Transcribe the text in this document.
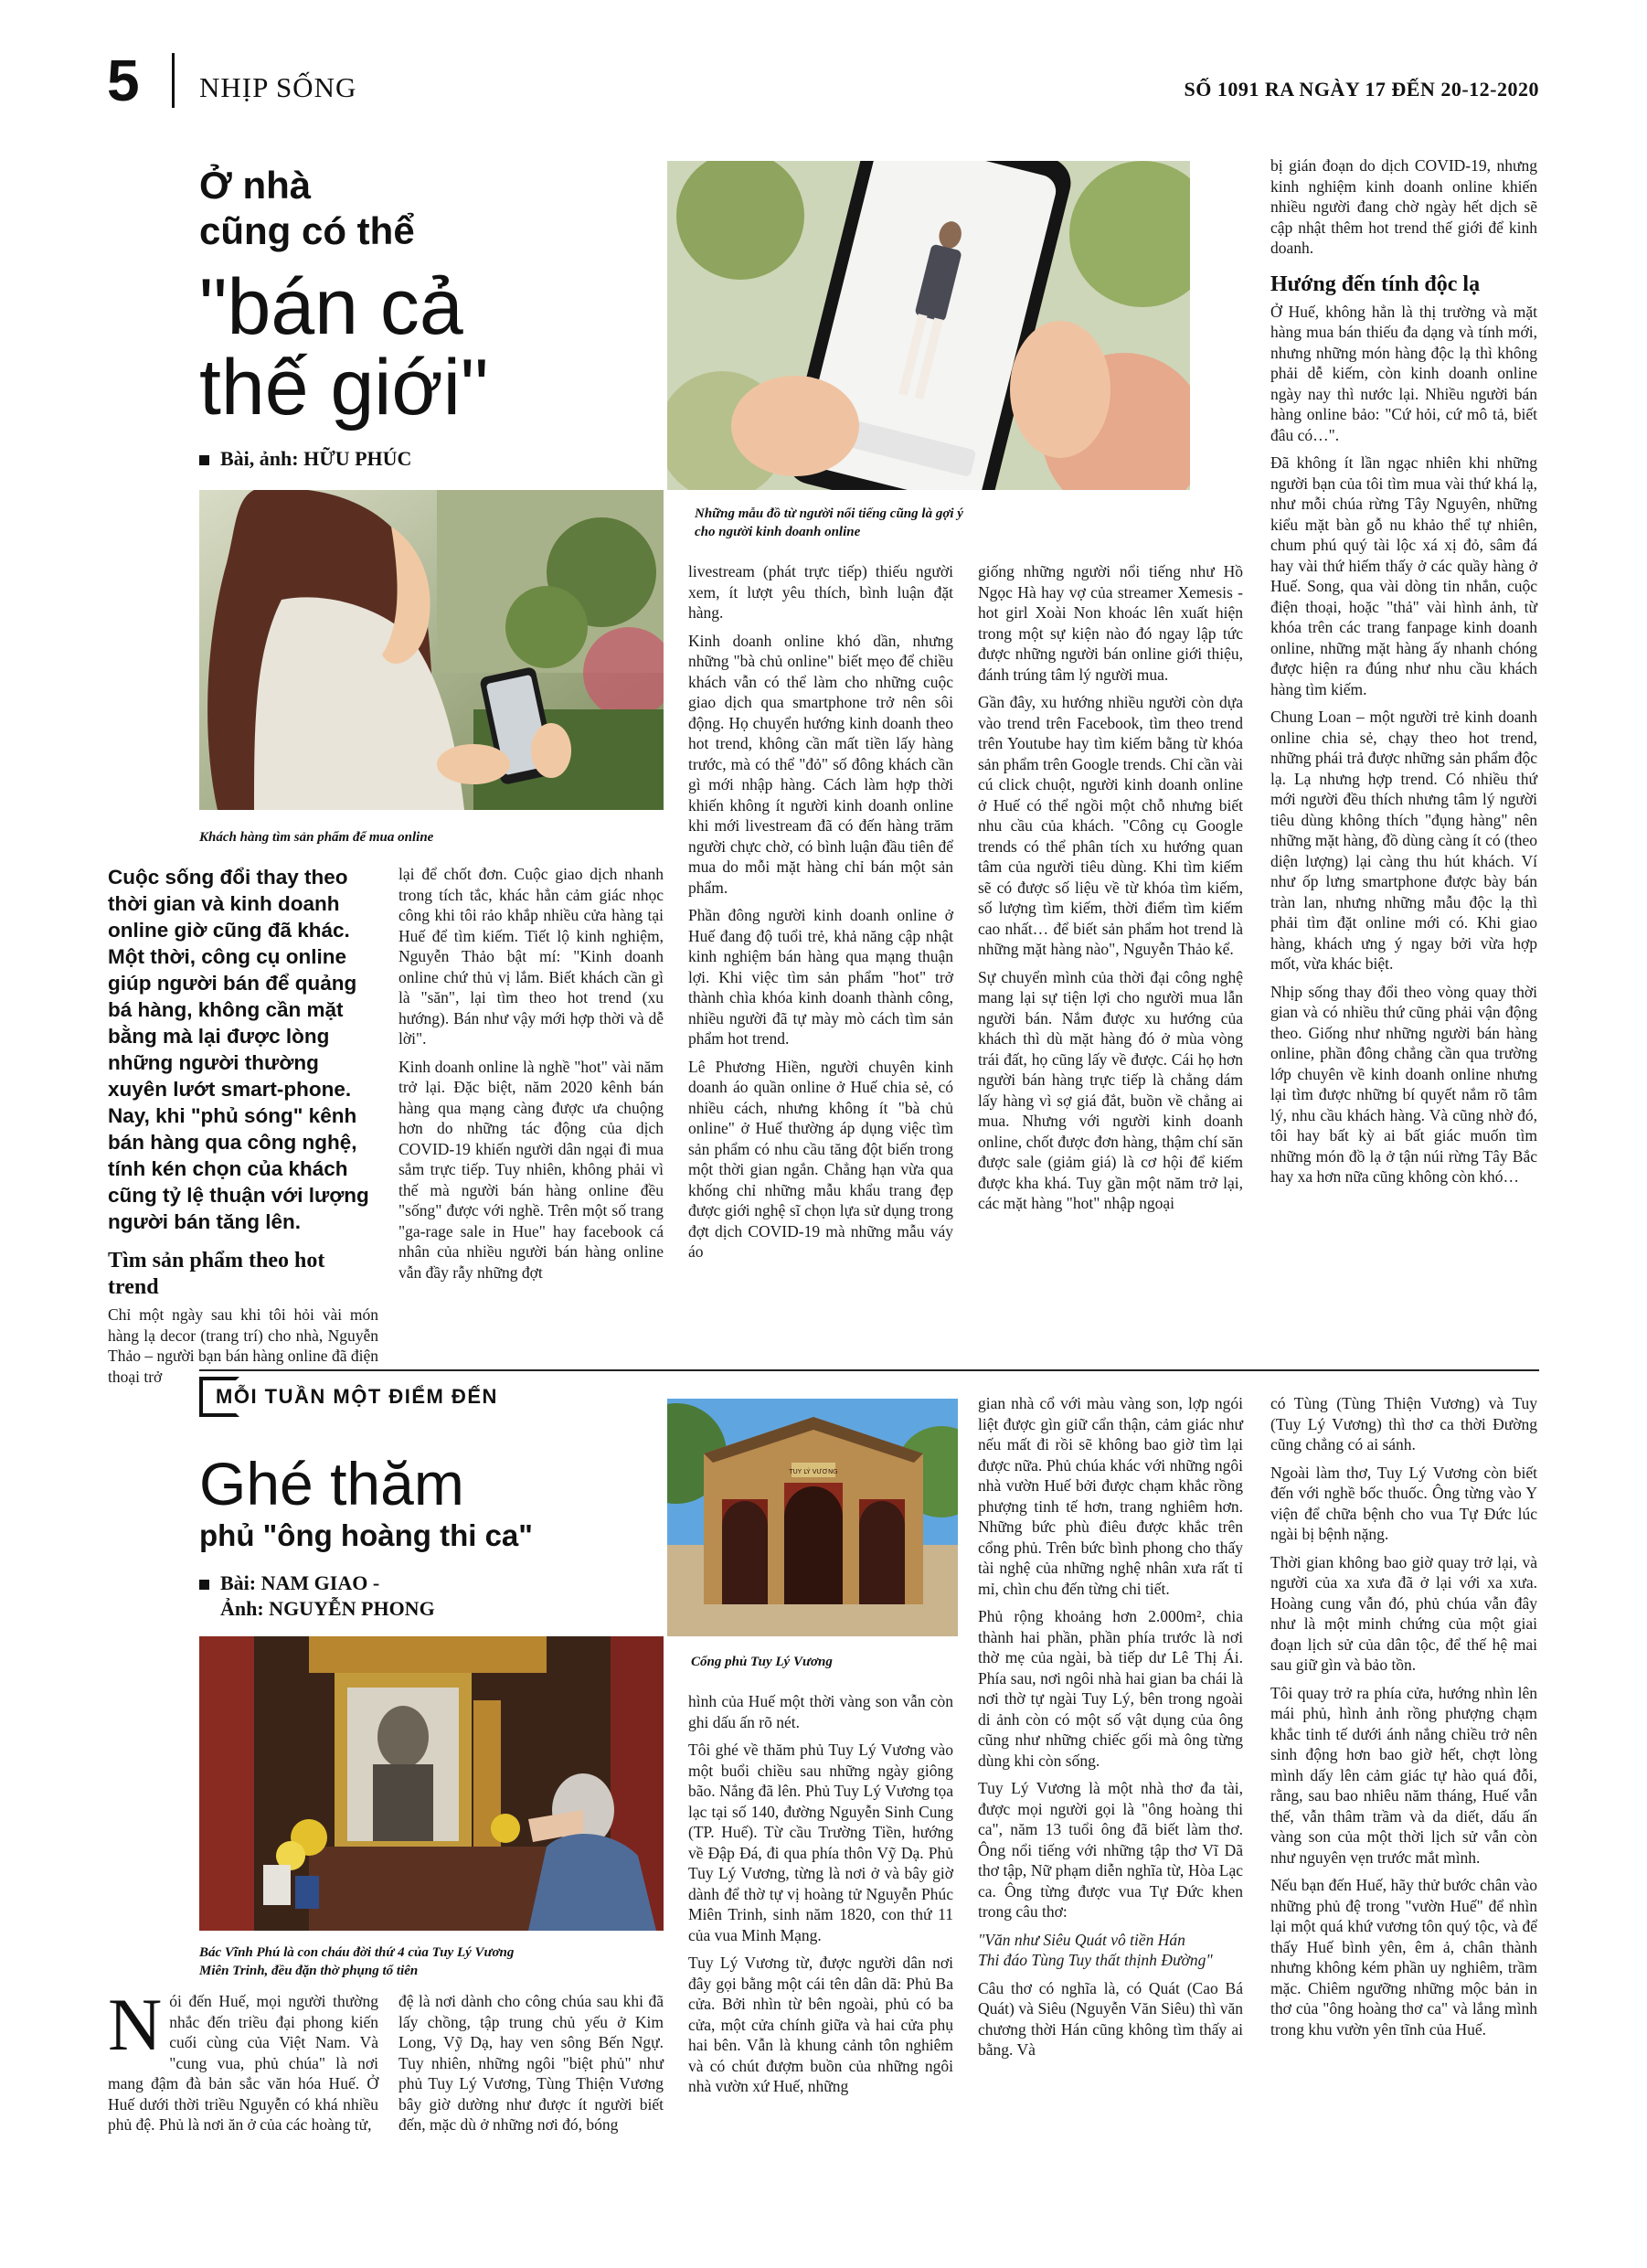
5 NHỊP SỐNG	SỐ 1091 RA NGÀY 17 ĐẾN 20-12-2020
Ở nhà
cũng có thể
"bán cả
thế giới"
Bài, ảnh: HỮU PHÚC
Khách hàng tìm sản phẩm để mua online
Những mẫu đồ từ người nổi tiếng cũng là gợi ý
cho người kinh doanh online
Cuộc sống đổi thay theo thời gian và kinh doanh online giờ cũng đã khác. Một thời, công cụ online giúp người bán để quảng bá hàng, không cần mặt bằng mà lại được lòng những người thường xuyên lướt smart-phone. Nay, khi "phủ sóng" kênh bán hàng qua công nghệ, tính kén chọn của khách cũng tỷ lệ thuận với lượng người bán tăng lên.
Tìm sản phẩm theo hot trend

Chỉ một ngày sau khi tôi hỏi vài món hàng lạ decor (trang trí) cho nhà, Nguyễn Thảo – người bạn bán hàng online đã điện thoại trở

lại để chốt đơn. Cuộc giao dịch nhanh trong tích tắc, khác hẳn cảm giác nhọc công khi tôi rảo khắp nhiều cửa hàng tại Huế để tìm kiếm. Tiết lộ kinh nghiệm, Nguyễn Thảo bật mí: "Kinh doanh online chứ thủ vị lắm. Biết khách cần gì là "săn", lại tìm theo hot trend (xu hướng). Bán như vậy mới hợp thời và dễ lời".

Kinh doanh online là nghề "hot" vài năm trở lại. Đặc biệt, năm 2020 kênh bán hàng qua mạng càng được ưa chuộng hơn do những tác động của dịch COVID-19 khiến người dân ngại đi mua sắm trực tiếp. Tuy nhiên, không phải vì thế mà người bán hàng online đều "sống" được với nghề. Trên một số trang "ga-rage sale in Hue" hay facebook cá nhân của nhiều người bán hàng online vẫn đầy rẫy những đợt

livestream (phát trực tiếp) thiếu người xem, ít lượt yêu thích, bình luận đặt hàng.

Kinh doanh online khó dần, nhưng những "bà chủ online" biết mẹo để chiều khách vẫn có thể làm cho những cuộc giao dịch qua smartphone trở nên sôi động. Họ chuyển hướng kinh doanh theo hot trend, không cần mất tiền lấy hàng trước, mà có thể "đỏ" số đông khách cần gì mới nhập hàng. Cách làm hợp thời khiến không ít người kinh doanh online khi mới livestream đã có đến hàng trăm người chực chờ, có bình luận đầu tiên để mua do mỗi mặt hàng chỉ bán một sản phẩm.

Phần đông người kinh doanh online ở Huế đang độ tuổi trẻ, khả năng cập nhật kinh nghiệm bán hàng qua mạng thuận lợi. Khi việc tìm sản phẩm "hot" trở thành chìa khóa kinh doanh thành công, nhiều người đã tự mày mò cách tìm sản phẩm hot trend.

Lê Phương Hiền, người chuyên kinh doanh áo quần online ở Huế chia sẻ, có nhiều cách, nhưng không ít "bà chủ online" ở Huế thường áp dụng việc tìm sản phẩm có nhu cầu tăng đột biến trong một thời gian ngắn. Chẳng hạn vừa qua khống chỉ những mẫu khẩu trang đẹp được giới nghệ sĩ chọn lựa sử dụng trong đợt dịch COVID-19 mà những mẫu váy áo

giống những người nổi tiếng như Hồ Ngọc Hà hay vợ của streamer Xemesis - hot girl Xoài Non khoác lên xuất hiện trong một sự kiện nào đó ngay lập tức được những người bán online giới thiệu, đánh trúng tâm lý người mua.

Gần đây, xu hướng nhiều người còn dựa vào trend trên Facebook, tìm theo trend trên Youtube hay tìm kiếm bằng từ khóa sản phẩm trên Google trends. Chỉ cần vài cú click chuột, người kinh doanh online ở Huế có thể ngồi một chỗ nhưng biết nhu cầu của khách. "Công cụ Google trends có thể phân tích xu hướng quan tâm của người tiêu dùng. Khi tìm kiếm sẽ có được số liệu về từ khóa tìm kiếm, số lượng tìm kiếm, thời điểm tìm kiếm cao nhất… để biết sản phẩm hot trend là những mặt hàng nào", Nguyễn Thảo kể.

Sự chuyển mình của thời đại công nghệ mang lại sự tiện lợi cho người mua lẫn người bán. Nắm được xu hướng của khách thì dù mặt hàng đó ở mùa vòng trái đất, họ cũng lấy về được. Cái họ hơn người bán hàng trực tiếp là chẳng dám lấy hàng vì sợ giá đắt, buồn về chẳng ai mua. Nhưng với người kinh doanh online, chốt được đơn hàng, thậm chí săn được sale (giảm giá) là cơ hội để kiếm được kha khá. Tuy gần một năm trở lại, các mặt hàng "hot" nhập ngoại

bị gián đoạn do dịch COVID-19, nhưng kinh nghiệm kinh doanh online khiến nhiều người đang chờ ngày hết dịch sẽ cập nhật thêm hot trend thế giới để kinh doanh.

Hướng đến tính độc lạ

Ở Huế, không hẳn là thị trường và mặt hàng mua bán thiếu đa dạng và tính mới, nhưng những món hàng độc lạ thì không phải dễ kiếm, còn kinh doanh online ngày nay thì nước lại. Nhiều người bán hàng online bảo: "Cứ hỏi, cứ mô tả, biết đâu có…".

Đã không ít lần ngạc nhiên khi những người bạn của tôi tìm mua vài thứ khá lạ, như mỗi chúa rừng Tây Nguyên, những kiểu mặt bàn gỗ nu khảo thể tự nhiên, chum phú quý tài lộc xá xị đỏ, sâm đá hay vài thứ hiếm thấy ở các quầy hàng ở Huế. Song, qua vài dòng tin nhắn, cuộc điện thoại, hoặc "thả" vài hình ảnh, từ khóa trên các trang fanpage kinh doanh online, những mặt hàng ấy nhanh chóng được hiện ra đúng như nhu cầu khách hàng tìm kiếm.

Chung Loan – một người trẻ kinh doanh online chia sẻ, chạy theo hot trend, những phái trả được những sản phẩm độc lạ. Lạ nhưng hợp trend. Có nhiều thứ mới người đều thích nhưng tâm lý người tiêu dùng không thích "đụng hàng" nên những mặt hàng, đồ dùng càng ít có (theo diện lượng) lại càng thu hút khách. Ví như ốp lưng smartphone được bày bán tràn lan, nhưng những mẫu độc lạ thì phải tìm đặt online mới có. Khi giao hàng, khách ưng ý ngay bởi vừa hợp mốt, vừa khác biệt.

Nhịp sống thay đổi theo vòng quay thời gian và có nhiều thứ cũng phải vận động theo. Giống như những người bán hàng online, phần đông chẳng cần qua trường lớp chuyên về kinh doanh online nhưng lại tìm được những bí quyết nắm rõ tâm lý, nhu cầu khách hàng. Và cũng nhờ đó, tôi hay bất kỳ ai bất giác muốn tìm những món đồ lạ ở tận núi rừng Tây Bắc hay xa hơn nữa cũng không còn khó…

MỖI TUẦN MỘT ĐIỂM ĐẾN
Ghé thăm
phủ "ông hoàng thi ca"
Bài: NAM GIAO -
Ảnh: NGUYỄN PHONG
Bác Vĩnh Phú là con cháu đời thứ 4 của Tuy Lý Vương
Miên Trinh, đều đặn thờ phụng tổ tiên
TUY LÝ VƯƠNG
Cổng phủ Tuy Lý Vương

Nói đến Huế, mọi người thường nhắc đến triều đại phong kiến cuối cùng của Việt Nam. Và "cung vua, phủ chúa" là nơi mang đậm đà bản sắc văn hóa Huế. Ở Huế dưới thời triều Nguyễn có khá nhiều phủ đệ. Phủ là nơi ăn ở của các hoàng tử,

đệ là nơi dành cho công chúa sau khi đã lấy chồng, tập trung chủ yếu ở Kim Long, Vỹ Dạ, hay ven sông Bến Ngự. Tuy nhiên, những ngôi "biệt phủ" như phủ Tuy Lý Vương, Tùng Thiện Vương bây giờ dường như được ít người biết đến, mặc dù ở những nơi đó, bóng

hình của Huế một thời vàng son vẫn còn ghi dấu ấn rõ nét.

Tôi ghé về thăm phủ Tuy Lý Vương vào một buổi chiều sau những ngày giông bão. Nắng đã lên. Phủ Tuy Lý Vương tọa lạc tại số 140, đường Nguyễn Sinh Cung (TP. Huế). Từ cầu Trường Tiền, hướng về Đập Đá, đi qua phía thôn Vỹ Dạ. Phủ Tuy Lý Vương, từng là nơi ở và bây giờ dành để thờ tự vị hoàng tử Nguyễn Phúc Miên Trinh, sinh năm 1820, con thứ 11 của vua Minh Mạng.

Tuy Lý Vương từ, được người dân nơi đây gọi bằng một cái tên dân dã: Phủ Ba cửa. Bởi nhìn từ bên ngoài, phủ có ba cửa, một cửa chính giữa và hai cửa phụ hai bên. Vẫn là khung cảnh tôn nghiêm và có chút đượm buồn của những ngôi nhà vườn xứ Huế, những

gian nhà cổ với màu vàng son, lợp ngói liệt được gìn giữ cẩn thận, cảm giác như nếu mất đi rồi sẽ không bao giờ tìm lại được nữa. Phủ chúa khác với những ngôi nhà vườn Huế bởi được chạm khắc rồng phượng tinh tế hơn, trang nghiêm hơn. Những bức phù điêu được khắc trên cổng phủ. Trên bức bình phong cho thấy tài nghệ của những nghệ nhân xưa rất tỉ mỉ, chìn chu đến từng chi tiết.

Phủ rộng khoảng hơn 2.000m², chia thành hai phần, phần phía trước là nơi thờ mẹ của ngài, bà tiếp dư Lê Thị Ái. Phía sau, nơi ngôi nhà hai gian ba chái là nơi thờ tự ngài Tuy Lý, bên trong ngoài di ảnh còn có một số vật dụng của ông cũng như những chiếc gối mà ông từng dùng khi còn sống.

Tuy Lý Vương là một nhà thơ đa tài, được mọi người gọi là "ông hoàng thi ca", năm 13 tuổi ông đã biết làm thơ. Ông nổi tiếng với những tập thơ Vĩ Dã thơ tập, Nữ phạm diễn nghĩa từ, Hòa Lạc ca. Ông từng được vua Tự Đức khen trong câu thơ:

"Văn như Siêu Quát vô tiền Hán
Thi đáo Tùng Tuy thất thịnh Đường"

Câu thơ có nghĩa là, có Quát (Cao Bá Quát) và Siêu (Nguyễn Văn Siêu) thì văn chương thời Hán cũng không tìm thấy ai bằng. Và

có Tùng (Tùng Thiện Vương) và Tuy (Tuy Lý Vương) thì thơ ca thời Đường cũng chẳng có ai sánh.

Ngoài làm thơ, Tuy Lý Vương còn biết đến với nghề bốc thuốc. Ông từng vào Y viện để chữa bệnh cho vua Tự Đức lúc ngài bị bệnh nặng.

Thời gian không bao giờ quay trở lại, và người của xa xưa đã ở lại với xa xưa. Hoàng cung vẫn đó, phủ chúa vẫn đây như là một minh chứng của một giai đoạn lịch sử của dân tộc, để thế hệ mai sau giữ gìn và bảo tồn.

Tôi quay trở ra phía cửa, hướng nhìn lên mái phủ, hình ảnh rồng phượng chạm khắc tinh tế dưới ánh nắng chiều trở nên sinh động hơn bao giờ hết, chợt lòng mình dấy lên cảm giác tự hào quá đỗi, rằng, sau bao nhiêu năm tháng, Huế vẫn thế, vẫn thâm trầm và da diết, dấu ấn vàng son của một thời lịch sử vẫn còn như nguyên vẹn trước mắt mình.

Nếu bạn đến Huế, hãy thử bước chân vào những phủ đệ trong "vườn Huế" để nhìn lại một quá khứ vương tôn quý tộc, và để thấy Huế bình yên, êm ả, chân thành nhưng không kém phần uy nghiêm, trầm mặc. Chiêm ngưỡng những mộc bản in thơ của "ông hoàng thơ ca" và lắng mình trong khu vườn yên tĩnh của Huế.
